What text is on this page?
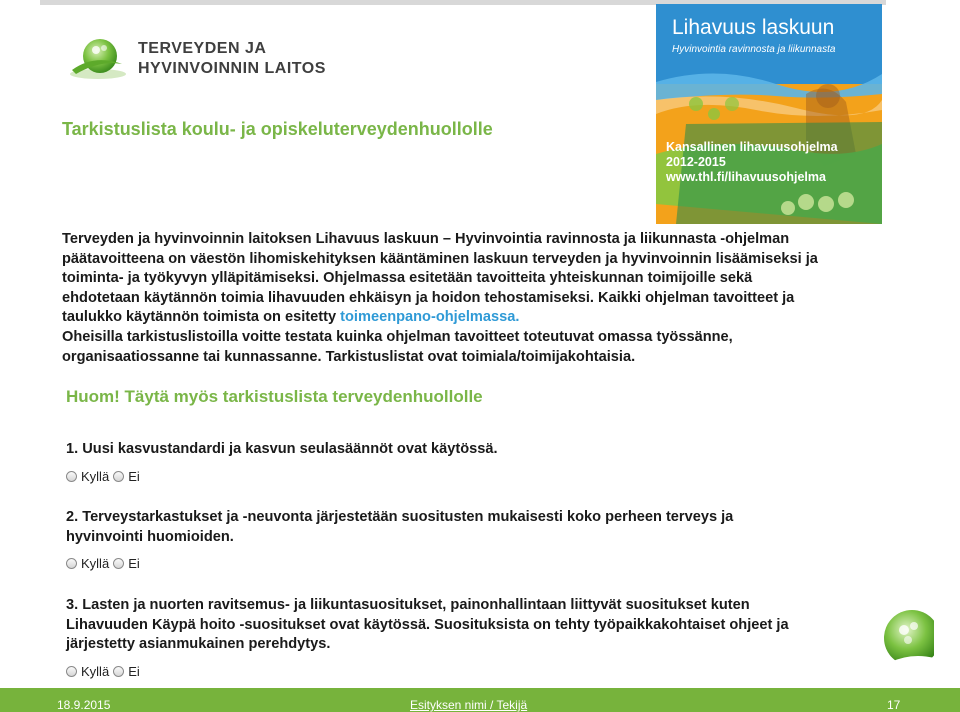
TERVEYDEN JA
HYVINVOINNIN LAITOS
Lihavuus laskuun
Hyvinvointia ravinnosta ja liikunnasta
Kansallinen lihavuusohjelma
2012-2015
www.thl.fi/lihavuusohjelma
Tarkistuslista koulu- ja opiskeluterveydenhuollolle

Terveyden ja hyvinvoinnin laitoksen Lihavuus laskuun – Hyvinvointia ravinnosta ja liikunnasta -ohjelman
päätavoitteena on väestön lihomiskehityksen kääntäminen laskuun terveyden ja hyvinvoinnin lisäämiseksi ja
toiminta- ja työkyvyn ylläpitämiseksi. Ohjelmassa esitetään tavoitteita yhteiskunnan toimijoille sekä
ehdotetaan käytännön toimia lihavuuden ehkäisyn ja hoidon tehostamiseksi. Kaikki ohjelman tavoitteet ja
taulukko käytännön toimista on esitetty toimeenpano-ohjelmassa.
Oheisilla tarkistuslistoilla voitte testata kuinka ohjelman tavoitteet toteutuvat omassa työssänne,
organisaatiossanne tai kunnassanne. Tarkistuslistat ovat toimiala/toimijakohtaisia.

Huom! Täytä myös tarkistuslista terveydenhuollolle

1. Uusi kasvustandardi ja kasvun seulasäännöt ovat käytössä.

Kyllä Ei

2. Terveystarkastukset ja -neuvonta järjestetään suositusten mukaisesti koko perheen terveys ja
hyvinvointi huomioiden.

Kyllä Ei

3. Lasten ja nuorten ravitsemus- ja liikuntasuositukset, painonhallintaan liittyvät suositukset kuten
Lihavuuden Käypä hoito -suositukset ovat käytössä. Suosituksista on tehty työpaikkakohtaiset ohjeet ja
järjestetty asianmukainen perehdytys.

Kyllä Ei
18.9.2015	Esityksen nimi / Tekijä	17
